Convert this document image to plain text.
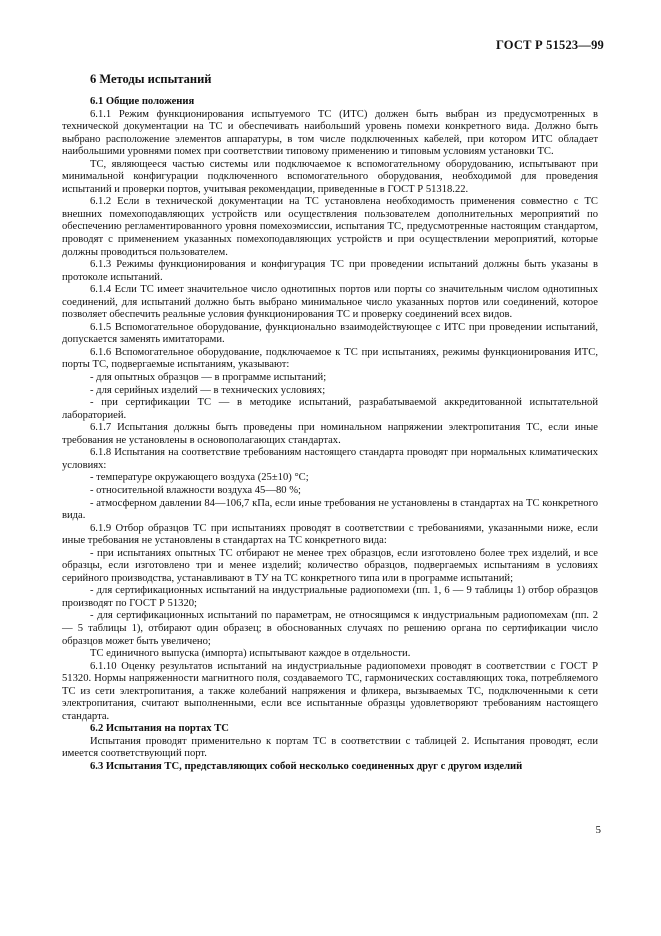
ГОСТ Р 51523—99
6 Методы испытаний

6.1 Общие положения

6.1.1 Режим функционирования испытуемого ТС (ИТС) должен быть выбран из предусмотренных в технической документации на ТС и обеспечивать наибольший уровень помехи конкретного вида. Должно быть выбрано расположение элементов аппаратуры, в том числе подключенных кабелей, при котором ИТС обладает наибольшими уровнями помех при соответствии типовому применению и типовым условиям установки ТС.

ТС, являющееся частью системы или подключаемое к вспомогательному оборудованию, испытывают при минимальной конфигурации подключенного вспомогательного оборудования, необходимой для проведения испытаний и проверки портов, учитывая рекомендации, приведенные в ГОСТ Р 51318.22.

6.1.2 Если в технической документации на ТС установлена необходимость применения совместно с ТС внешних помехоподавляющих устройств или осуществления пользователем дополнительных мероприятий по обеспечению регламентированного уровня помехоэмиссии, испытания ТС, предусмотренные настоящим стандартом, проводят с применением указанных помехоподавляющих устройств и при осуществлении мероприятий, которые должны проводиться пользователем.

6.1.3 Режимы функционирования и конфигурация ТС при проведении испытаний должны быть указаны в протоколе испытаний.

6.1.4 Если ТС имеет значительное число однотипных портов или порты со значительным числом однотипных соединений, для испытаний должно быть выбрано минимальное число указанных портов или соединений, которое позволяет обеспечить реальные условия функционирования ТС и проверку соединений всех видов.

6.1.5 Вспомогательное оборудование, функционально взаимодействующее с ИТС при проведении испытаний, допускается заменять имитаторами.

6.1.6 Вспомогательное оборудование, подключаемое к ТС при испытаниях, режимы функционирования ИТС, порты ТС, подвергаемые испытаниям, указывают:

- для опытных образцов — в программе испытаний;

- для серийных изделий — в технических условиях;

- при сертификации ТС — в методике испытаний, разрабатываемой аккредитованной испытательной лабораторией.

6.1.7 Испытания должны быть проведены при номинальном напряжении электропитания ТС, если иные требования не установлены в основополагающих стандартах.

6.1.8 Испытания на соответствие требованиям настоящего стандарта проводят при нормальных климатических условиях:

- температуре окружающего воздуха (25±10) °С;

- относительной влажности воздуха 45—80 %;

- атмосферном давлении 84—106,7 кПа, если иные требования не установлены в стандартах на ТС конкретного вида.

6.1.9 Отбор образцов ТС при испытаниях проводят в соответствии с требованиями, указанными ниже, если иные требования не установлены в стандартах на ТС конкретного вида:

- при испытаниях опытных ТС отбирают не менее трех образцов, если изготовлено более трех изделий, и все образцы, если изготовлено три и менее изделий; количество образцов, подвергаемых испытаниям в условиях серийного производства, устанавливают в ТУ на ТС конкретного типа или в программе испытаний;

- для сертификационных испытаний на индустриальные радиопомехи (пп. 1, 6 — 9 таблицы 1) отбор образцов производят по ГОСТ Р 51320;

- для сертификационных испытаний по параметрам, не относящимся к индустриальным радиопомехам (пп. 2 — 5 таблицы 1), отбирают один образец; в обоснованных случаях по решению органа по сертификации число образцов может быть увеличено;

ТС единичного выпуска (импорта) испытывают каждое в отдельности.

6.1.10 Оценку результатов испытаний на индустриальные радиопомехи проводят в соответствии с ГОСТ Р 51320. Нормы напряженности магнитного поля, создаваемого ТС, гармонических составляющих тока, потребляемого ТС из сети электропитания, а также колебаний напряжения и фликера, вызываемых ТС, подключенными к сети электропитания, считают выполненными, если все испытанные образцы удовлетворяют требованиям настоящего стандарта.

6.2 Испытания на портах ТС

Испытания проводят применительно к портам ТС в соответствии с таблицей 2. Испытания проводят, если имеется соответствующий порт.

6.3 Испытания ТС, представляющих собой несколько соединенных друг с другом изделий

5
